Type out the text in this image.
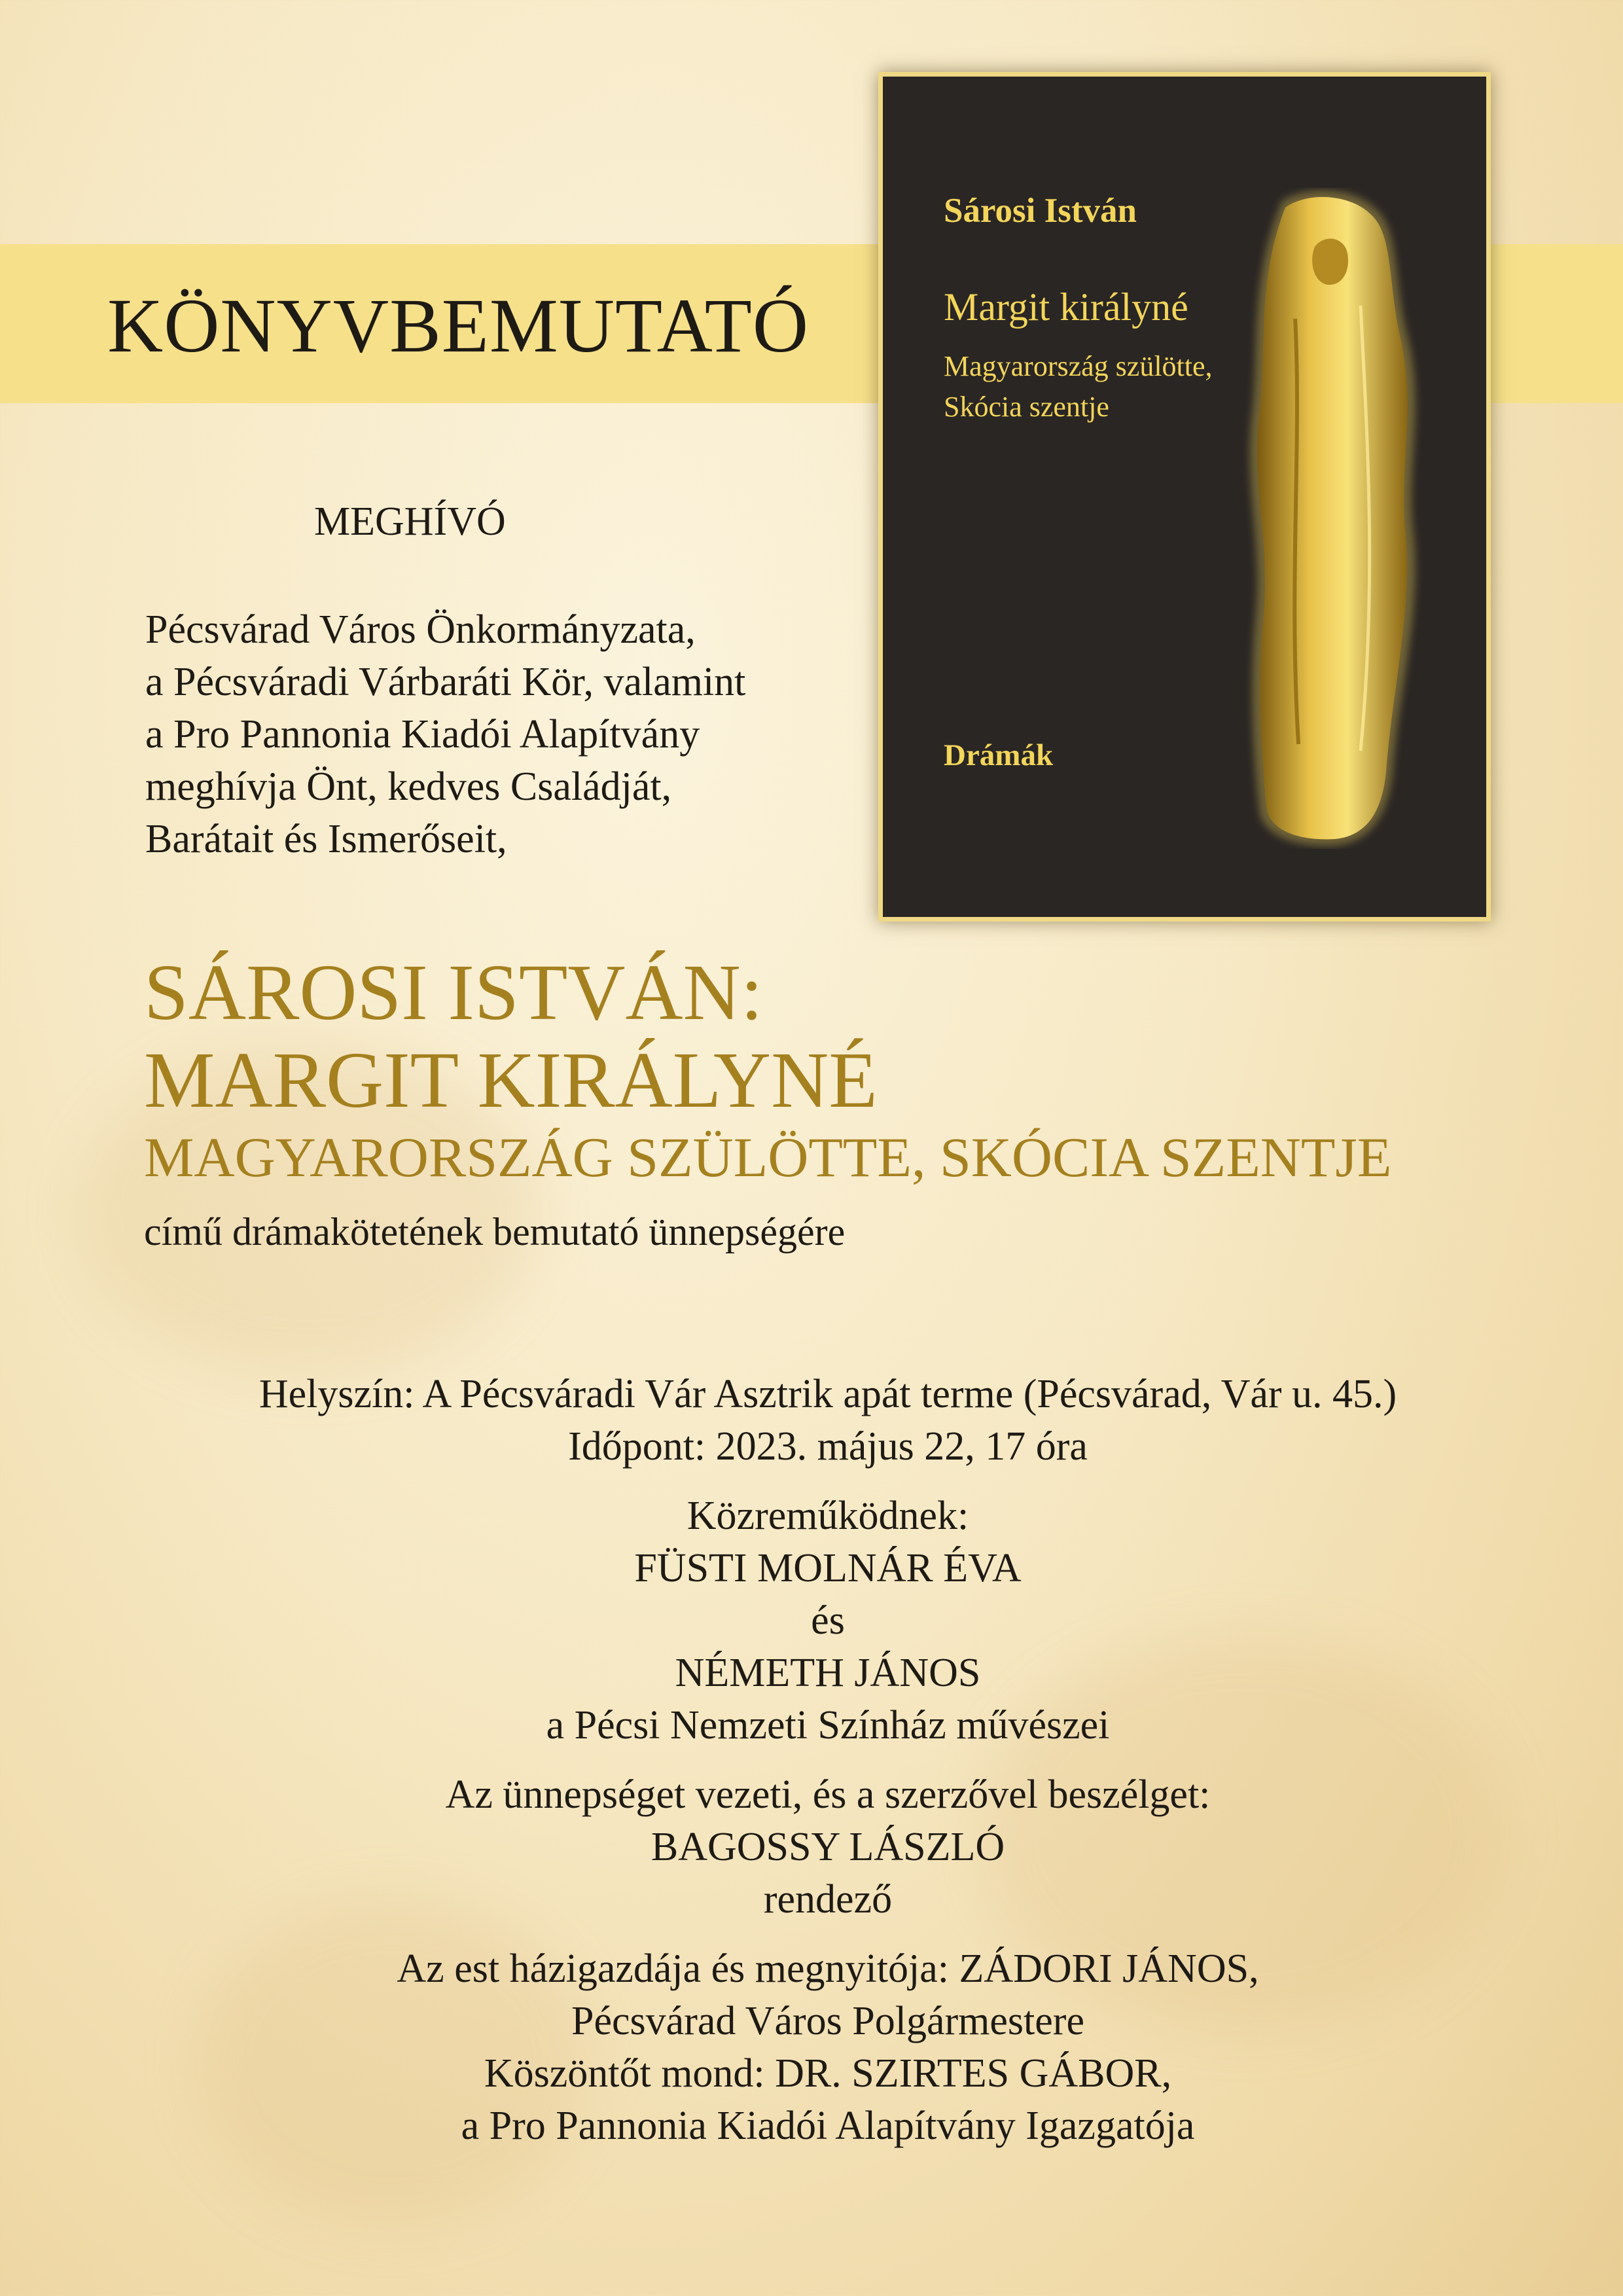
KÖNYVBEMUTATÓ
Sárosi István
Margit királyné
Magyarország szülötte,
Skócia szentje
Drámák
MEGHÍVÓ
Pécsvárad Város Önkormányzata,
a Pécsváradi Várbaráti Kör, valamint
a Pro Pannonia Kiadói Alapítvány
meghívja Önt, kedves Családját,
Barátait és Ismerőseit,
SÁROSI ISTVÁN:
MARGIT KIRÁLYNÉ
MAGYARORSZÁG SZÜLÖTTE, SKÓCIA SZENTJE
című drámakötetének bemutató ünnepségére
Helyszín: A Pécsváradi Vár Asztrik apát terme (Pécsvárad, Vár u. 45.)
Időpont: 2023. május 22, 17 óra
Közreműködnek:
FÜSTI MOLNÁR ÉVA
és
NÉMETH JÁNOS
a Pécsi Nemzeti Színház művészei
Az ünnepséget vezeti, és a szerzővel beszélget:
BAGOSSY LÁSZLÓ
rendező
Az est házigazdája és megnyitója: ZÁDORI JÁNOS,
Pécsvárad Város Polgármestere
Köszöntőt mond: DR. SZIRTES GÁBOR,
a Pro Pannonia Kiadói Alapítvány Igazgatója
